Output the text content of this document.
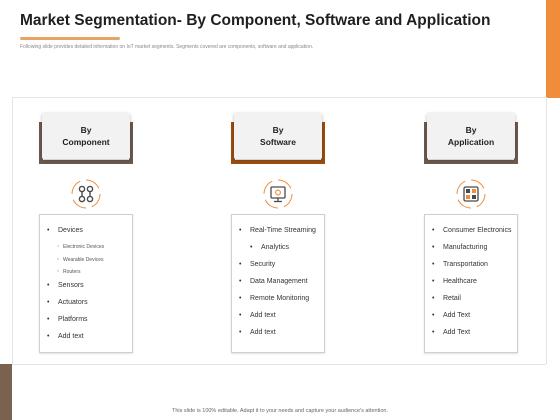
Market Segmentation- By Component, Software and Application
Following slide provides detailed information on IoT market segments. Segments covered are components, software and application.
By
Component
• Devices
○ Electronic Devices
○ Wearable Devices
○ Routers
• Sensors
• Actuators
• Platforms
• Add text
By
Software
• Real-Time Streaming
• Analytics
• Security
• Data Management
• Remote Monitoring
• Add text
• Add text
By
Application
• Consumer Electronics
• Manufacturing
• Transportation
• Healthcare
• Retail
• Add Text
• Add Text
This slide is 100% editable. Adapt it to your needs and capture your audience's attention.
